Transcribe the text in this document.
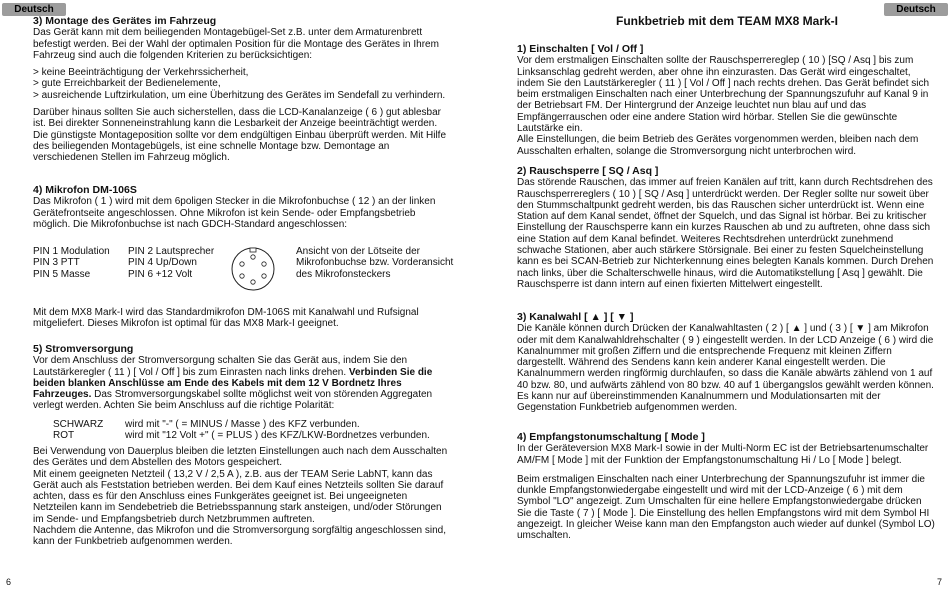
Deutsch
3) Montage des Gerätes im Fahrzeug

Das Gerät kann mit dem beiliegenden Montagebügel-Set z.B. unter dem Armaturenbrett befestigt werden. Bei der Wahl der optimalen Position für die Montage des Gerätes in Ihrem Fahrzeug sind auch die folgenden Kriterien zu berücksichtigen:

> keine Beeinträchtigung der Verkehrssicherheit,

> gute Erreichbarkeit der Bedienelemente,

> ausreichende Luftzirkulation, um eine Überhitzung des Gerätes im Sendefall zu verhindern.

Darüber hinaus sollten Sie auch sicherstellen, dass die LCD-Kanalanzeige ( 6 ) gut ablesbar ist. Bei direkter Sonneneinstrahlung kann die Lesbarkeit der Anzeige beeinträchtigt werden. Die günstigste Montageposition sollte vor dem endgültigen Einbau überprüft werden. Mit Hilfe des beiliegenden Montagebügels, ist eine schnelle Montage bzw. Demontage an verschiedenen Stellen im Fahrzeug möglich.

4) Mikrofon DM-106S

Das Mikrofon ( 1 ) wird mit dem 6poligen Stecker in die Mikrofonbuchse ( 12 ) an der linken Gerätefrontseite angeschlossen. Ohne Mikrofon ist kein Sende- oder Empfangsbetrieb möglich. Die Mikrofonbuchse ist nach GDCH-Standard angeschlossen:

PIN 1 Modulation

PIN 3 PTT

PIN 5 Masse

PIN 2 Lautsprecher

PIN 4 Up/Down

PIN 6 +12 Volt

Ansicht von der Lötseite der Mikrofonbuchse bzw. Vorderansicht des Mikrofonsteckers

Mit dem MX8 Mark-I wird das Standardmikrofon DM-106S mit Kanalwahl und Rufsignal mitgeliefert. Dieses Mikrofon ist optimal für das MX8 Mark-I geeignet.

5) Stromversorgung

Vor dem Anschluss der Stromversorgung schalten Sie das Gerät aus, indem Sie den Lautstärkeregler ( 11 ) [ Vol / Off ] bis zum Einrasten nach links drehen. Verbinden Sie die beiden blanken Anschlüsse am Ende des Kabels mit dem 12 V Bordnetz Ihres Fahrzeuges. Das Stromversorgungskabel sollte möglichst weit von störenden Aggregaten verlegt werden. Achten Sie beim Anschluss auf die richtige Polarität:

SCHWARZ wird mit "-" ( = MINUS / Masse ) des KFZ verbunden.
ROT	wird mit "12 Volt +" ( = PLUS ) des KFZ/LKW-Bordnetzes verbunden.

Bei Verwendung von Dauerplus bleiben die letzten Einstellungen auch nach dem Ausschalten des Gerätes und dem Abstellen des Motors gespeichert.

Mit einem geeigneten Netzteil ( 13,2 V / 2,5 A ), z.B. aus der TEAM Serie LabNT, kann das Gerät auch als Feststation betrieben werden. Bei dem Kauf eines Netzteils sollten Sie darauf achten, dass es für den Anschluss eines Funkgerätes geeignet ist. Bei ungeeigneten Netzteilen kann im Sendebetrieb die Betriebsspannung stark ansteigen, und/oder Störungen im Sende- und Empfangsbetrieb durch Netzbrummen auftreten.

Nachdem die Antenne, das Mikrofon und die Stromversorgung sorgfältig angeschlossen sind, kann der Funkbetrieb aufgenommen werden.

6
Deutsch
7
Funkbetrieb mit dem TEAM MX8 Mark-I
1) Einschalten [ Vol / Off ]

Vor dem erstmaligen Einschalten sollte der Rauschsperrereglер ( 10 ) [SQ / Asq ] bis zum Linksanschlag gedreht werden, aber ohne ihn einzurasten. Das Gerät wird eingeschaltet, indem Sie den Lautstärkeregler ( 11 ) [ Vol / Off ] nach rechts drehen. Das Gerät befindet sich beim erstmaligen Einschalten nach einer Unterbrechung der Spannungszufuhr auf Kanal 9 in der Betriebsart FM. Der Hintergrund der Anzeige leuchtet nun blau auf und das Empfängerrauschen oder eine andere Station wird hörbar. Stellen Sie die gewünschte Lautstärke ein.

Alle Einstellungen, die beim Betrieb des Gerätes vorgenommen werden, bleiben nach dem Ausschalten erhalten, solange die Stromversorgung nicht unterbrochen wird.

2) Rauschsperre [ SQ / Asq ]

Das störende Rauschen, das immer auf freien Kanälen auf tritt, kann durch Rechtsdrehen des Rauschsperrereglers ( 10 ) [ SQ / Asq ] unterdrückt werden. Der Regler sollte nur soweit über den Stummschaltpunkt gedreht werden, bis das Rauschen sicher unterdrückt ist. Wenn eine Station auf dem Kanal sendet, öffnet der Squelch, und das Signal ist hörbar. Bei zu kritischer Einstellung der Rauschsperre kann ein kurzes Rauschen ab und zu auftreten, ohne dass sich eine Station auf dem Kanal befindet. Weiteres Rechtsdrehen unterdrückt zunehmend schwache Stationen, aber auch stärkere Störsignale. Bei einer zu festen Squelcheinstellung kann es bei SCAN-Betrieb zur Nichterkennung eines belegten Kanals kommen. Durch Drehen nach links, über die Schalterschwelle hinaus, wird die Automatikstellung [ Asq ] gewählt. Die Rauschsperre ist dann intern auf einen fixierten Mittelwert eingestellt.

3) Kanalwahl [ ▲ ] [ ▼ ]

Die Kanäle können durch Drücken der Kanalwahltasten ( 2 ) [ ▲ ] und ( 3 ) [ ▼ ] am Mikrofon oder mit dem Kanalwahldrehschalter ( 9 ) eingestellt werden. In der LCD Anzeige ( 6 ) wird die Kanalnummer mit großen Ziffern und die entsprechende Frequenz mit kleinen Ziffern dargestellt. Während des Sendens kann kein anderer Kanal eingestellt werden. Die Kanalnummern werden ringförmig durchlaufen, so dass die Kanäle abwärts zählend von 1 auf 40 bzw. 80, und aufwärts zählend von 80 bzw. 40 auf 1 übergangslos gewählt werden können. Es kann nur auf übereinstimmenden Kanalnummern und Modulationsarten mit der Gegenstation Funkbetrieb aufgenommen werden.

4) Empfangstonumschaltung [ Mode ]

In der Geräteversion MX8 Mark-I sowie in der Multi-Norm EC ist der Betriebsartenumschalter AM/FM [ Mode ] mit der Funktion der Empfangstonumschaltung Hi / Lo [ Mode ] belegt.

Beim erstmaligen Einschalten nach einer Unterbrechung der Spannungszufuhr ist immer die dunkle Empfangstonwiedergabe eingestellt und wird mit der LCD-Anzeige ( 6 ) mit dem Symbol "LO" angezeigt. Zum Umschalten für eine hellere Empfangstonwiedergabe drücken Sie die Taste ( 7 ) [ Mode ]. Die Einstellung des hellen Empfangstons wird mit dem Symbol HI angezeigt. In gleicher Weise kann man den Empfangston auch wieder auf dunkel (Symbol LO) umschalten.
